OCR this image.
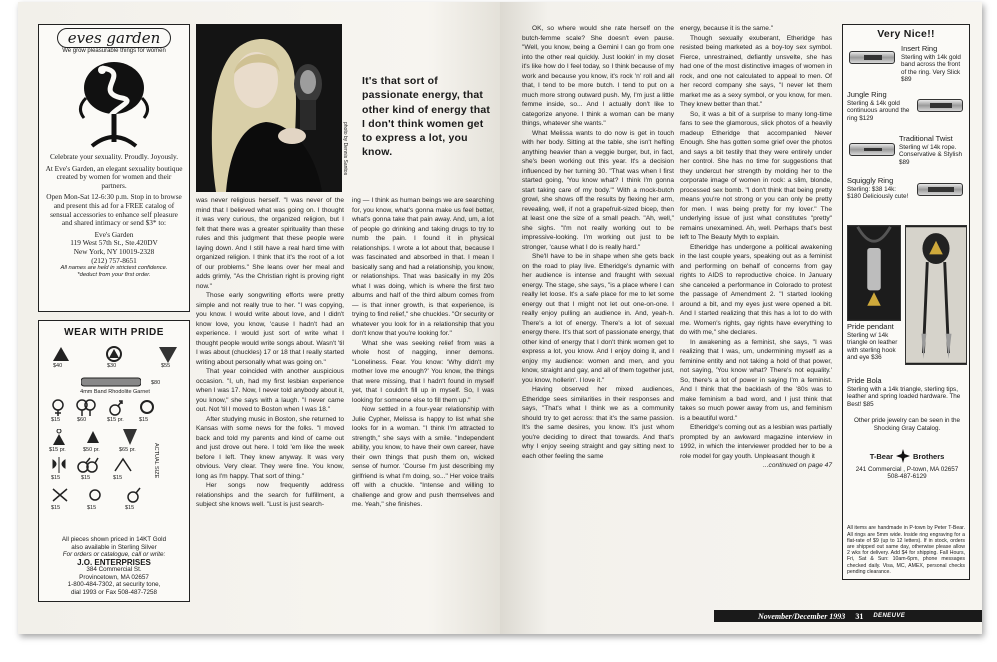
eves garden
We grow pleasurable things for women

Celebrate your sexuality. Proudly. Joyously.

At Eve's Garden, an elegant sexuality boutique created by women for women and their partners.

Open Mon-Sat 12-6:30 p.m. Stop in to browse and present this ad for a FREE catalog of sensual accessories to enhance self pleasure and shared intimacy or send $3* to:

Eve's Garden
119 West 57th St., Ste.420DV
New York, NY 10019-2328
(212) 757-8651
All names are held in strictest confidence.
*deduct from your first order.
WEAR WITH PRIDE
$40	$30	$55
4mm Band Rhodolite Garnet
$80
$15	$60	$15 pr.	$15
$15 pr.	$50 pr.	$65 pr.
$15	$15	$15	ACTUAL SIZE
$15	$15	$15
All pieces shown priced in 14KT Gold
also available in Sterling Silver
For orders or catalogue, call or write:
J.O. ENTERPRISES
384 Commercial St.
Provincetown, MA 02657
1-800-484-7302, at security tone,
dial 1993 or Fax 508-487-7258
photo by Dennis Santos
It's that sort of passionate energy, that other kind of energy that I don't think women get to express a lot, you know.

was never religious herself. "I was never of the mind that I believed what was going on. I thought it was very curious, the organized religion, but I felt that there was a greater spirituality than these rules and this judgment that these people were laying down. And I still have a real hard time with organized religion. I think that it's the root of a lot of our problems." She leans over her meal and adds grimly, "As the Christian right is proving right now."

Those early songwriting efforts were pretty simple and not really true to her. "I was copying, you know. I would write about love, and I didn't know love, you know, 'cause I hadn't had an experience. I would just sort of write what I thought people would write songs about. Wasn't 'til I was about (chuckles) 17 or 18 that I really started writing about personally what was going on."

That year coincided with another auspicious occasion. "I, uh, had my first lesbian experience when I was 17. Now, I never told anybody about it, you know," she says with a laugh. "I never came out. Not 'til I moved to Boston when I was 18."

After studying music in Boston, she returned to Kansas with some news for the folks. "I moved back and told my parents and kind of came out and just drove out here. I told 'em like the week before I left. They knew anyway. It was very obvious. Very clear. They were fine. You know, long as I'm happy. That sort of thing."

Her songs now frequently address relationships and the search for fulfillment, a subject she knows well. "Lust is just search-

ing — I think as human beings we are searching for, you know, what's gonna make us feel better, what's gonna take that pain away. And, um, a lot of people go drinking and taking drugs to try to numb the pain. I found it in physical relationships. I wrote a lot about that, because I was fascinated and absorbed in that. I mean I basically sang and had a relationship, you know, or relationships. That was basically in my 20s what I was doing, which is where the first two albums and half of the third album comes from — is that inner growth, is that experience, is trying to find relief," she chuckles. "Or security or whatever you look for in a relationship that you don't know that you're looking for."

What she was seeking relief from was a whole host of nagging, inner demons. "Loneliness. Fear. You know: 'Why didn't my mother love me enough?' You know, the things that were missing, that I hadn't found in myself yet, that I couldn't fill up in myself. So, I was looking for someone else to fill them up."

Now settled in a four-year relationship with Julie Cypher, Melissa is happy to list what she looks for in a woman. "I think I'm attracted to strength," she says with a smile. "Independent ability, you know, to have their own career, have their own things that push them on, wicked sense of humor. 'Course I'm just describing my girlfriend is what I'm doing, so..." Her voice trails off with a chuckle. "Intense and willing to challenge and grow and push themselves and me. Yeah," she finishes.

OK, so where would she rate herself on the butch-femme scale? She doesn't even pause. "Well, you know, being a Gemini I can go from one into the other real quickly. Just lookin' in my closet it's like how do I feel today, so I think because of my work and because you know, it's rock 'n' roll and all that, I tend to be more butch. I tend to put on a much more strong outward push. My, I'm just a little femme inside, so... And I actually don't like to categorize anyone. I think a woman can be many things, whatever she wants."

What Melissa wants to do now is get in touch with her body. Sitting at the table, she isn't hefting anything heavier than a veggie burger, but, in fact, she's been working out this year. It's a decision influenced by her turning 30. "That was when I first started going, 'You know what? I think I'm gonna start taking care of my body.'" With a mock-butch growl, she shows off the results by flexing her arm, revealing, well, if not a grapefruit-sized bicep, then at least one the size of a small peach. "Ah, well," she sighs. "I'm not really working out to be impressive-looking. I'm working out just to be stronger, 'cause what I do is really hard."

She'll have to be in shape when she gets back on the road to play live. Etheridge's dynamic with her audience is intense and fraught with sexual energy. The stage, she says, "is a place where I can really let loose. It's a safe place for me to let some energy out that I might not let out one-on-one. I really enjoy pulling an audience in. And, yeah-h. There's a lot of energy. There's a lot of sexual energy there. It's that sort of passionate energy, that other kind of energy that I don't think women get to express a lot, you know. And I enjoy doing it, and I enjoy my audience: women and men, and you know, straight and gay, and all of them together just, you know, hollerin'. I love it."

Having observed her mixed audiences, Etheridge sees similarities in their responses and says, "That's what I think we as a community should try to get across: that it's the same passion. It's the same desires, you know. It's just whom you're deciding to direct that towards. And that's why I enjoy seeing straight and gay sitting next to each other feeling the same

energy, because it is the same."

Though sexually exuberant, Etheridge has resisted being marketed as a boy-toy sex symbol. Fierce, unrestrained, defiantly unsvelte, she has had one of the most distinctive images of women in rock, and one not calculated to appeal to men. Of her record company she says, "I never let them market me as a sexy symbol, or you know, for men. They knew better than that."

So, it was a bit of a surprise to many long-time fans to see the glamorous, slick photos of a heavily madeup Etheridge that accompanied Never Enough. She has gotten some grief over the photos and says a bit testily that they were entirely under her control. She has no time for suggestions that they undercut her strength by molding her to the corporate image of women in rock: a slim, blonde, processed sex bomb. "I don't think that being pretty means you're not strong or you can only be pretty for men. I was being pretty for my lover." The underlying issue of just what constitutes "pretty" remains unexamined. Ah, well. Perhaps that's best left to The Beauty Myth to explain.

Etheridge has undergone a political awakening in the last couple years, speaking out as a feminist and performing on behalf of concerns from gay rights to AIDS to reproductive choice. In January she canceled a performance in Colorado to protest the passage of Amendment 2. "I started looking around a bit, and my eyes just were opened a bit. And I started realizing that this has a lot to do with me. Women's rights, gay rights have everything to do with me," she declares.

In awakening as a feminist, she says, "I was realizing that I was, um, undermining myself as a feminine entity and not taking a hold of that power, not saying, 'You know what? There's not equality.' So, there's a lot of power in saying I'm a feminist. And I think that the backlash of the '80s was to make feminism a bad word, and I just think that takes so much power away from us, and feminism is a beautiful word."

Etheridge's coming out as a lesbian was partially prompted by an awkward magazine interview in 1992, in which the interviewer prodded her to be a role model for gay youth. Unpleasant though it

...continued on page 47
Very Nice!!
Insert Ring
Sterling with 14k gold band across the front of the ring. Very Slick $89
Jungle Ring
Sterling & 14k gold continuous around the ring $129
Traditional Twist
Sterling w/ 14k rope. Conservative & Stylish $89
Squiggly Ring
Sterling: $38 14k: $180 Deliciously cute!
Pride pendant
Sterling w/ 14k triangle on leather with sterling hook and eye $36
Pride Bola
Sterling with a 14k triangle, sterling tips, leather and spring loaded hardware. The Best! $85
Other pride jewelry can be seen in the Shocking Gray Catalog.
T-Bear	Brothers
241 Commercial , P-town, MA 02657
508-487-6129
All items are handmade in P-town by Peter T-Bear. All rings are 5mm wide. Inside ring engraving for a flat-rate of $9 (up to 12 letters). If in stock, orders are shipped out same day, otherwise please allow 2 wks for delivery. Add $4 for shipping. Fall Hours, Fri, Sat & Sun: 10am-6pm, phone messages checked daily. Visa, MC, AMEX, personal checks pending clearance.
November/December 1993 31 DENEUVE
